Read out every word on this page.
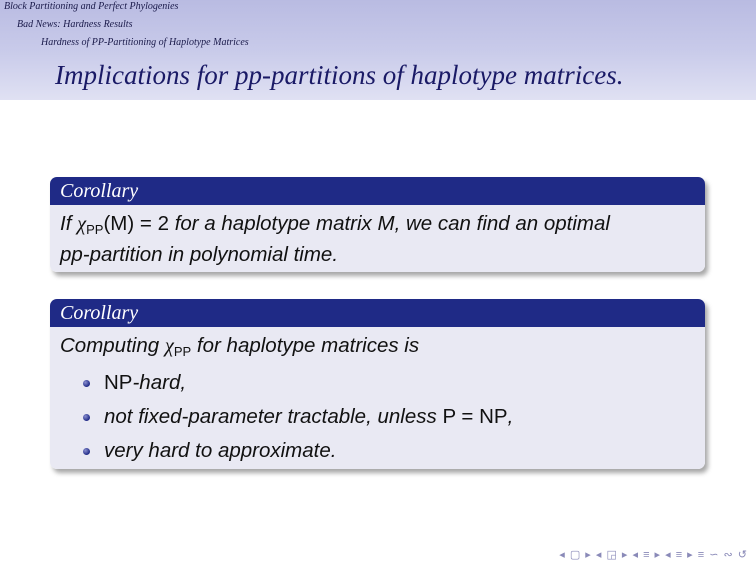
Block Partitioning and Perfect Phylogenies
Bad News: Hardness Results
Hardness of PP-Partitioning of Haplotype Matrices
Implications for pp-partitions of haplotype matrices.
Corollary
If χPP(M) = 2 for a haplotype matrix M, we can find an optimal
pp-partition in polynomial time.
Corollary
Computing χPP for haplotype matrices is
NP-hard,
not fixed-parameter tractable, unless P = NP,
very hard to approximate.
◂ ▢ ▸ ◂ ◲ ▸ ◂ ≡ ▸ ◂ ≡ ▸ ≡ ∽ ∾ ↺
